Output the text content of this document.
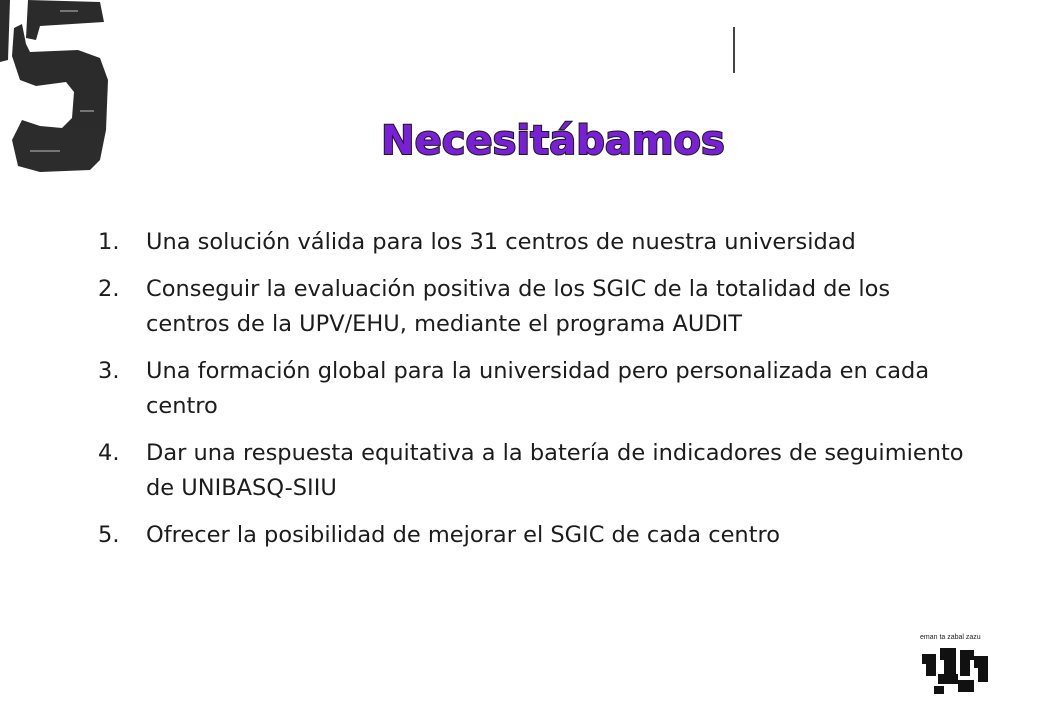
Necesitábamos
1.	Una solución válida para los 31 centros de nuestra universidad
2.	Conseguir la evaluación positiva de los SGIC de la totalidad de los centros de la UPV/EHU, mediante el programa AUDIT
3.	Una formación global para la universidad pero personalizada en cada centro
4.	Dar una respuesta equitativa a la batería de indicadores de seguimiento de UNIBASQ-SIIU
5.	Ofrecer la posibilidad de mejorar el SGIC de cada centro
eman ta zabal zazu
